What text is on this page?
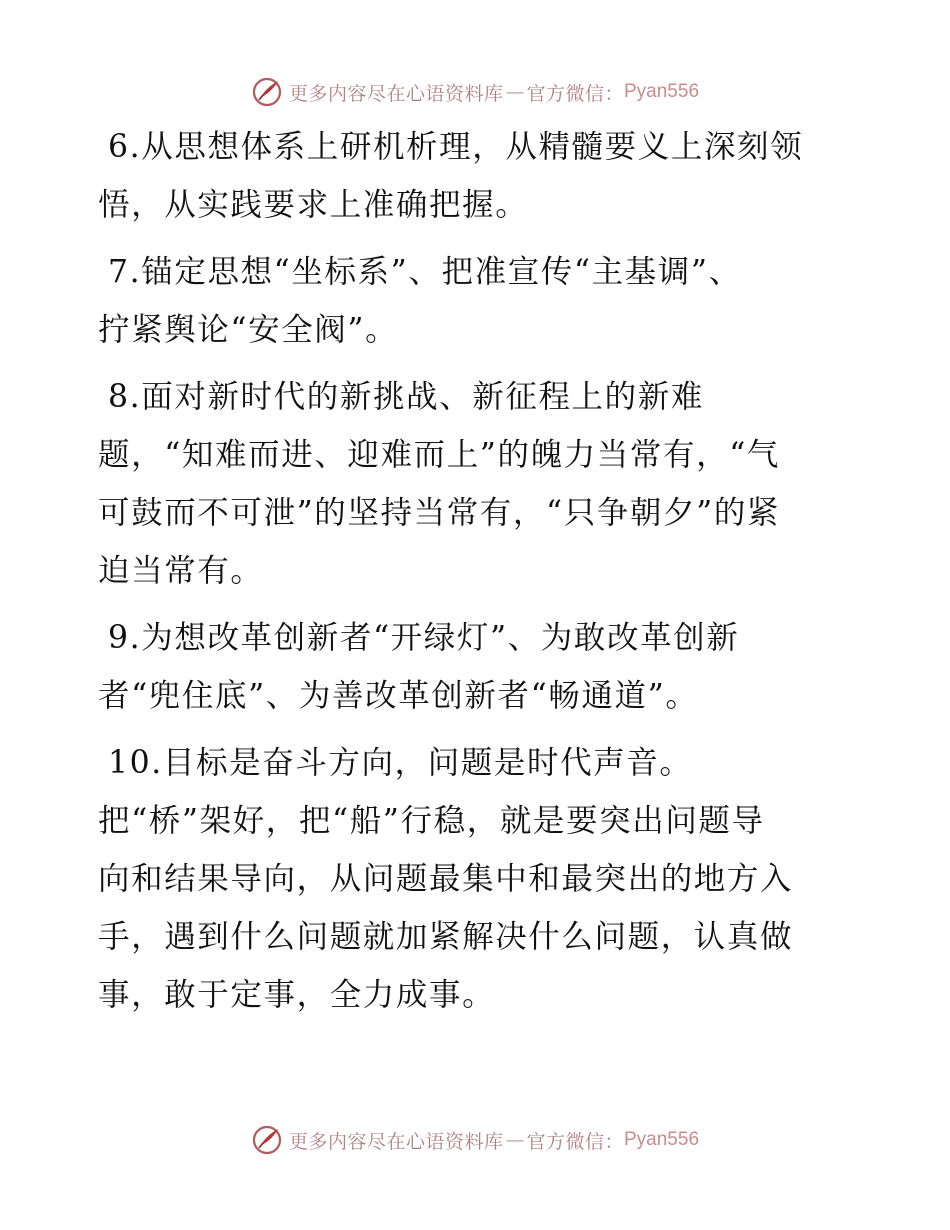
更多内容尽在心语资料库 — 官方微信： Pyan556
6.从思想体系上研机析理，从精髓要义上深刻领
悟，从实践要求上准确把握。
7.锚定思想“坐标系”、把准宣传“主基调”、
拧紧舆论“安全阀”。
8.面对新时代的新挑战、新征程上的新难
题，“知难而进、迎难而上”的魄力当常有，“气
可鼓而不可泄”的坚持当常有，“只争朝夕”的紧
迫当常有。
9.为想改革创新者“开绿灯”、为敢改革创新
者“兜住底”、为善改革创新者“畅通道”。
10.目标是奋斗方向，问题是时代声音。
把“桥”架好，把“船”行稳，就是要突出问题导
向和结果导向，从问题最集中和最突出的地方入
手，遇到什么问题就加紧解决什么问题，认真做
事，敢于定事，全力成事。
更多内容尽在心语资料库 — 官方微信： Pyan556
